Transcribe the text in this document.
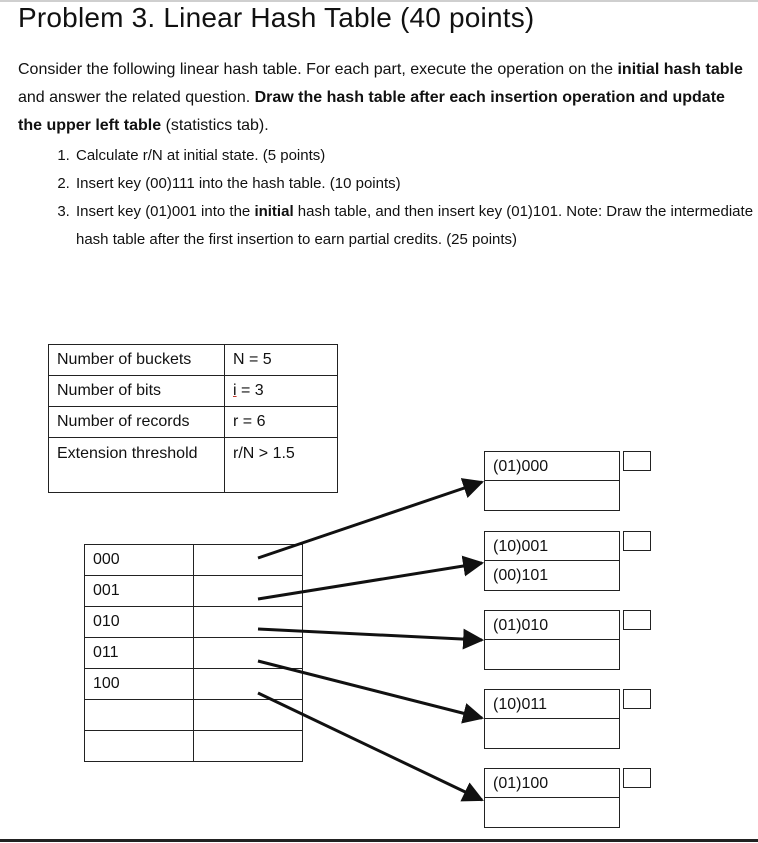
Problem 3. Linear Hash Table (40 points)

Consider the following linear hash table. For each part, execute the operation on the initial hash table and answer the related question. Draw the hash table after each insertion operation and update the upper left table (statistics tab).

1. Calculate r/N at initial state. (5 points)
2. Insert key (00)111 into the hash table. (10 points)
3. Insert key (01)001 into the initial hash table, and then insert key (01)101. Note: Draw the intermediate hash table after the first insertion to earn partial credits. (25 points)
Number of buckets	N = 5
Number of bits	i = 3
Number of records	r = 6
Extension threshold	r/N > 1.5
000	
001	
010	
011	
100	

(01)000
(10)001
(00)101
(01)010
(10)011
(01)100
